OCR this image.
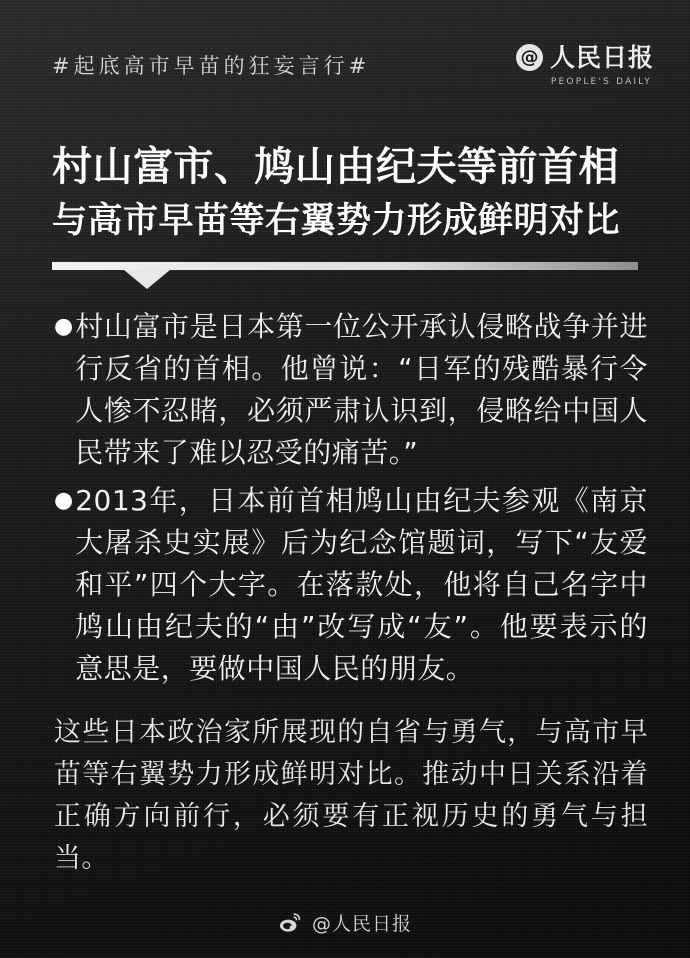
#起底高市早苗的狂妄言行#	@ 人民日报
PEOPLE'S DAILY
村山富市、鸠山由纪夫等前首相
与高市早苗等右翼势力形成鲜明对比
● 村山富市是日本第一位公开承认侵略战争并进行反省的首相。他曾说：“日军的残酷暴行令人惨不忍睹，必须严肃认识到，侵略给中国人民带来了难以忍受的痛苦。”
● 2013年，日本前首相鸠山由纪夫参观《南京大屠杀史实展》后为纪念馆题词，写下“友爱和平”四个大字。在落款处，他将自己名字中鸠山由纪夫的“由”改写成“友”。他要表示的意思是，要做中国人民的朋友。
这些日本政治家所展现的自省与勇气，与高市早苗等右翼势力形成鲜明对比。推动中日关系沿着正确方向前行，必须要有正视历史的勇气与担当。
@人民日报
